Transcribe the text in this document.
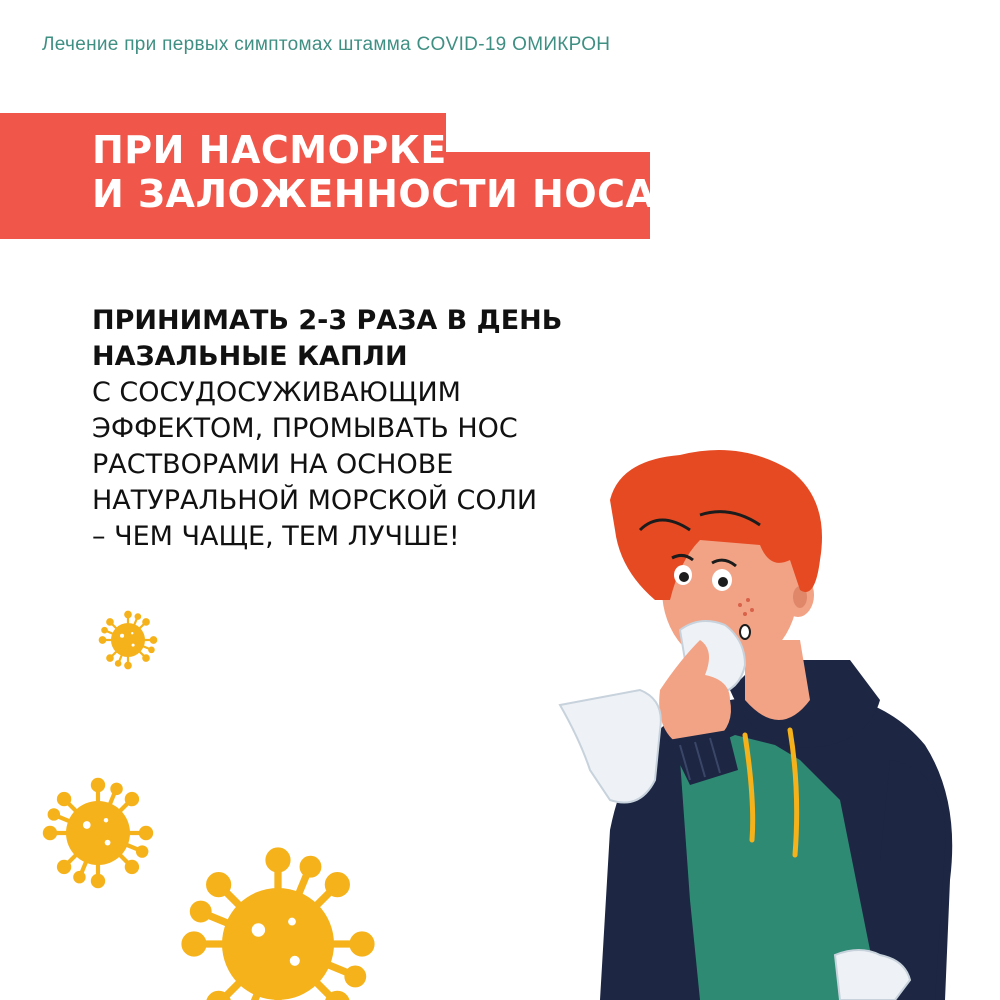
Лечение при первых симптомах штамма COVID-19 ОМИКРОН
ПРИ НАСМОРКЕ
И ЗАЛОЖЕННОСТИ НОСА
ПРИНИМАТЬ 2-3 РАЗА В ДЕНЬ
НАЗАЛЬНЫЕ КАПЛИ
С СОСУДОСУЖИВАЮЩИМ
ЭФФЕКТОМ, ПРОМЫВАТЬ НОС
РАСТВОРАМИ НА ОСНОВЕ
НАТУРАЛЬНОЙ МОРСКОЙ СОЛИ
– ЧЕМ ЧАЩЕ, ТЕМ ЛУЧШЕ!
